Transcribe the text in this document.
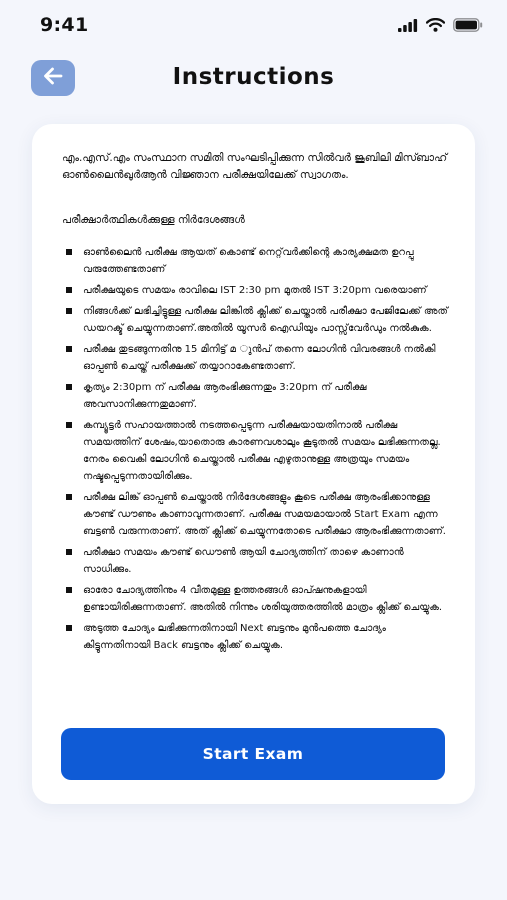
9:41
Instructions

എം.എസ്.എം സംസ്ഥാന സമിതി സംഘടിപ്പിക്കുന്ന സിൽവർ ജൂബിലി മിസ്ബാഹ് ഓൺലൈൻഖുർആൻ വിജ്ഞാന പരീക്ഷയിലേക്ക് സ്വാഗതം.

പരീക്ഷാർത്ഥികൾക്കുള്ള നിർദേശങ്ങൾ

ഓൺലൈൻ പരീക്ഷ ആയത് കൊണ്ട് നെറ്റ്‌വർക്കിന്റെ കാര്യക്ഷമത ഉറപ്പു വരുത്തേണ്ടതാണ്
പരീക്ഷയുടെ സമയം രാവിലെ IST 2:30 pm മുതൽ IST 3:20pm വരെയാണ്
നിങ്ങൾക്ക് ലഭിച്ചിട്ടുള്ള പരീക്ഷ ലിങ്കിൽ ക്ലിക്ക് ചെയ്താൽ പരീക്ഷാ പേജിലേക്ക് അത് ഡയറക്ട് ചെയ്യുന്നതാണ്.അതിൽ യൂസർ ഐഡിയും പാസ്സ്‌വേർഡും നൽകുക.
പരീക്ഷ തുടങ്ങുന്നതിനു 15 മിനിട്ട് മ ുൻപ് തന്നെ ലോഗിൻ വിവരങ്ങൾ നൽകി ഓപ്പൺ ചെയ്ത് പരീക്ഷക്ക് തയ്യാറാകേണ്ടതാണ്.
കൃത്യം 2:30pm ന് പരീക്ഷ ആരംഭിക്കുന്നതും 3:20pm ന് പരീക്ഷ അവസാനിക്കുന്നതുമാണ്.
കമ്പ്യൂട്ടർ സഹായത്താൽ നടത്തപ്പെടുന്ന പരീക്ഷയായതിനാൽ പരീക്ഷ സമയത്തിന് ശേഷം,യാതൊരു കാരണവശാലും കൂടുതൽ സമയം ലഭിക്കുന്നതല്ല. നേരം വൈകി ലോഗിൻ ചെയ്താൽ പരീക്ഷ എഴുതാനുള്ള അത്രയും സമയം നഷ്ടപ്പെടുന്നതായിരിക്കും.
പരീക്ഷ ലിങ്ക് ഓപ്പൺ ചെയ്താൽ നിർദേശങ്ങളും കൂടെ പരീക്ഷ ആരംഭിക്കാനുള്ള കൗണ്ട് ഡൗണും കാണാവുന്നതാണ്. പരീക്ഷ സമയമായാൽ Start Exam എന്ന ബട്ടൺ വരുന്നതാണ്. അത് ക്ലിക്ക് ചെയ്യുന്നതോടെ പരീക്ഷാ ആരംഭിക്കുന്നതാണ്.
പരീക്ഷാ സമയം കൗണ്ട് ഡൌൺ ആയി ചോദ്യത്തിന് താഴെ കാണാൻ സാധിക്കും.
ഓരോ ചോദ്യത്തിനും 4 വീതമുള്ള ഉത്തരങ്ങൾ ഓപ്ഷനുകളായി ഉണ്ടായിരിക്കുന്നതാണ്. അതിൽ നിന്നും ശരിയുത്തരത്തിൽ മാത്രം ക്ലിക്ക് ചെയ്യുക.
അടുത്ത ചോദ്യം ലഭിക്കുന്നതിനായി Next ബട്ടനും മുൻപത്തെ ചോദ്യം കിട്ടുന്നതിനായി Back ബട്ടനും ക്ലിക്ക് ചെയ്യുക.
Start Exam
